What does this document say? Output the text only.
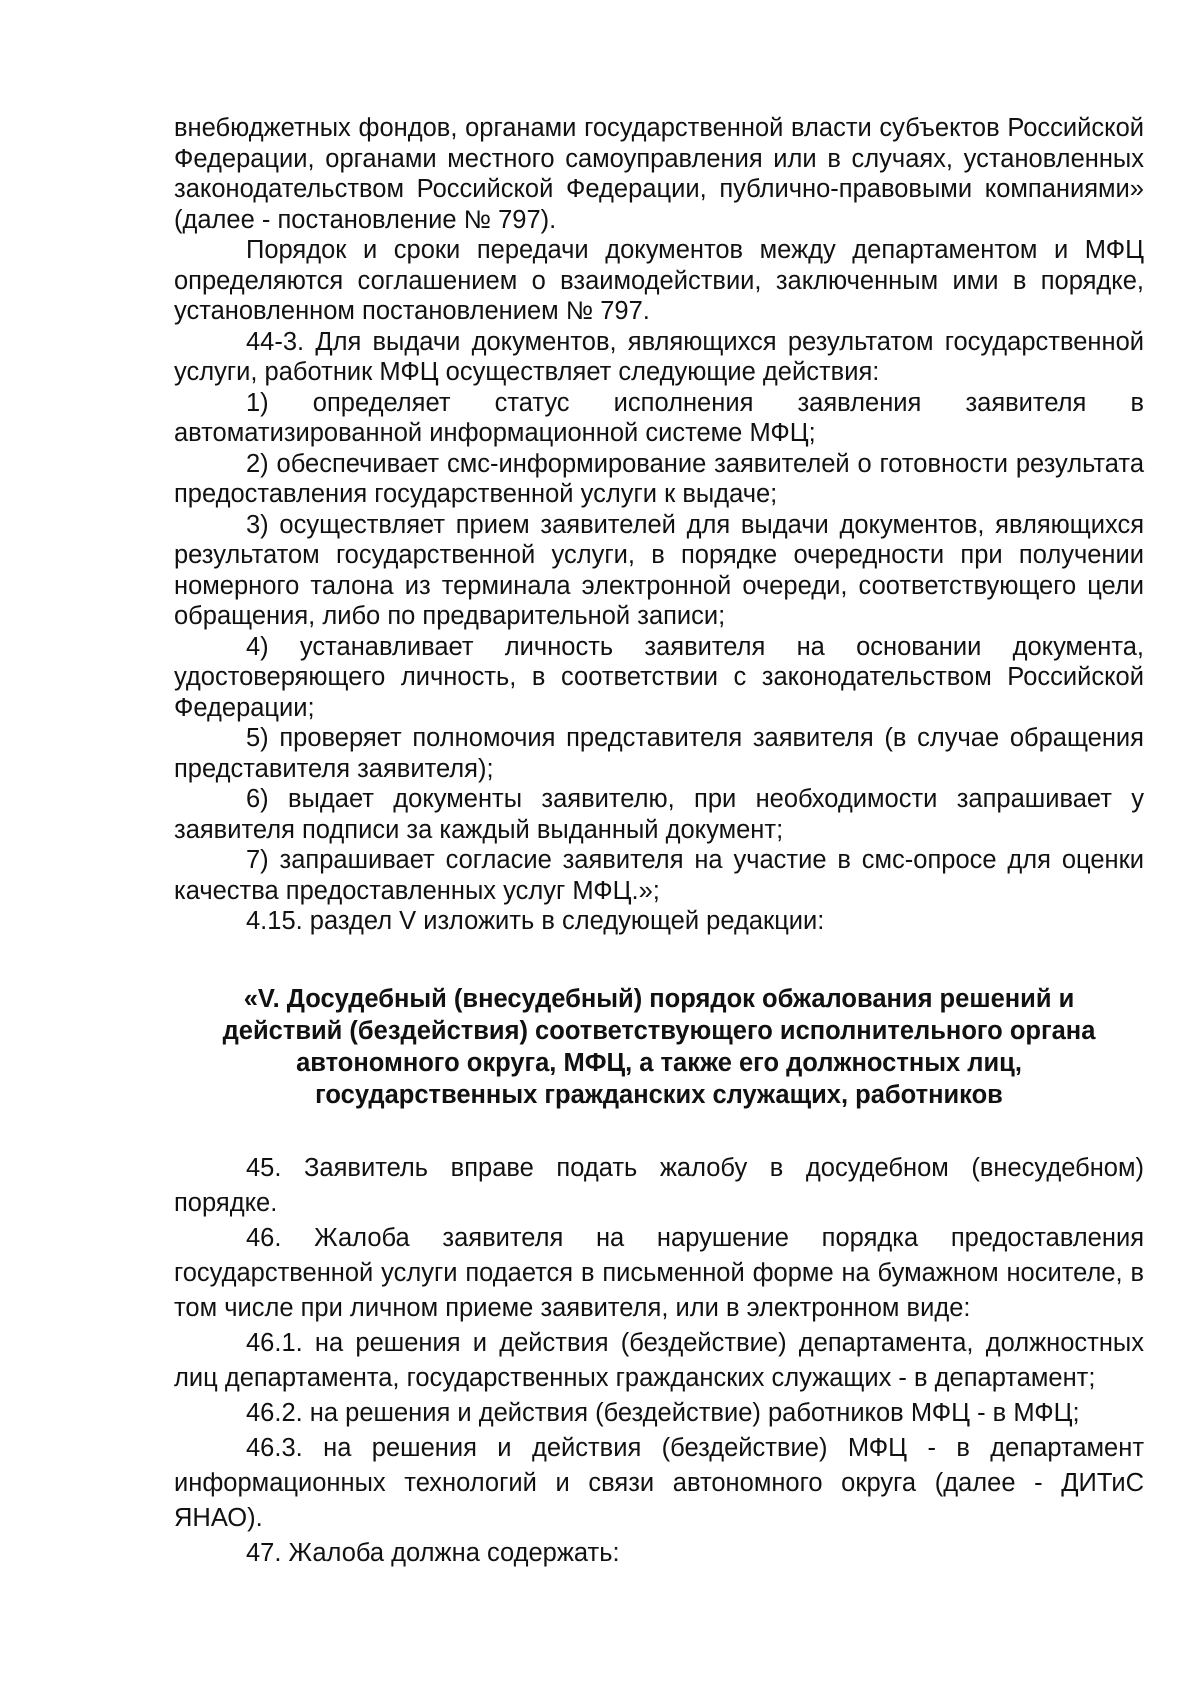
внебюджетных фондов, органами государственной власти субъектов Российской Федерации, органами местного самоуправления или в случаях, установленных законодательством Российской Федерации, публично-правовыми компаниями» (далее - постановление № 797).

Порядок и сроки передачи документов между департаментом и МФЦ определяются соглашением о взаимодействии, заключенным ими в порядке, установленном постановлением № 797.

44-3. Для выдачи документов, являющихся результатом государственной услуги, работник МФЦ осуществляет следующие действия:

1) определяет статус исполнения заявления заявителя в автоматизированной информационной системе МФЦ;

2) обеспечивает смс-информирование заявителей о готовности результата предоставления государственной услуги к выдаче;

3) осуществляет прием заявителей для выдачи документов, являющихся результатом государственной услуги, в порядке очередности при получении номерного талона из терминала электронной очереди, соответствующего цели обращения, либо по предварительной записи;

4) устанавливает личность заявителя на основании документа, удостоверяющего личность, в соответствии с законодательством Российской Федерации;

5) проверяет полномочия представителя заявителя (в случае обращения представителя заявителя);

6) выдает документы заявителю, при необходимости запрашивает у заявителя подписи за каждый выданный документ;

7) запрашивает согласие заявителя на участие в смс-опросе для оценки качества предоставленных услуг МФЦ.»;

4.15. раздел V изложить в следующей редакции:

«V. Досудебный (внесудебный) порядок обжалования решений и
действий (бездействия) соответствующего исполнительного органа
автономного округа, МФЦ, а также его должностных лиц,
государственных гражданских служащих, работников

45. Заявитель вправе подать жалобу в досудебном (внесудебном) порядке.

46. Жалоба заявителя на нарушение порядка предоставления государственной услуги подается в письменной форме на бумажном носителе, в том числе при личном приеме заявителя, или в электронном виде:

46.1. на решения и действия (бездействие) департамента, должностных лиц департамента, государственных гражданских служащих - в департамент;

46.2. на решения и действия (бездействие) работников МФЦ - в МФЦ;

46.3. на решения и действия (бездействие) МФЦ - в департамент информационных технологий и связи автономного округа (далее - ДИТиС ЯНАО).

47. Жалоба должна содержать:
